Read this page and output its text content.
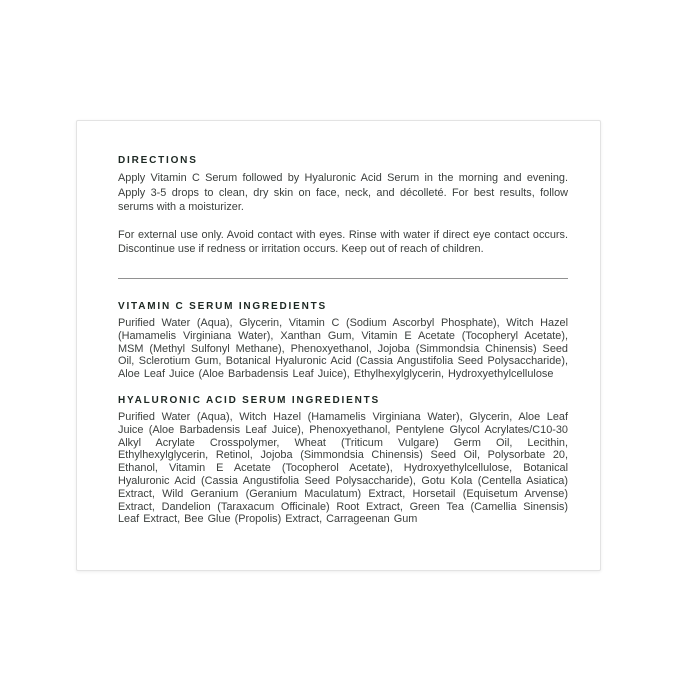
DIRECTIONS

Apply Vitamin C Serum followed by Hyaluronic Acid Serum in the morning and evening. Apply 3-5 drops to clean, dry skin on face, neck, and décolleté. For best results, follow serums with a moisturizer.

For external use only. Avoid contact with eyes. Rinse with water if direct eye contact occurs. Discontinue use if redness or irritation occurs. Keep out of reach of children.

VITAMIN C SERUM INGREDIENTS

Purified Water (Aqua), Glycerin, Vitamin C (Sodium Ascorbyl Phosphate), Witch Hazel (Hamamelis Virginiana Water), Xanthan Gum, Vitamin E Acetate (Tocopheryl Acetate), MSM (Methyl Sulfonyl Methane), Phenoxyethanol, Jojoba (Simmondsia Chinensis) Seed Oil, Sclerotium Gum, Botanical Hyaluronic Acid (Cassia Angustifolia Seed Polysaccharide), Aloe Leaf Juice (Aloe Barbadensis Leaf Juice), Ethylhexylglycerin, Hydroxyethylcellulose

HYALURONIC ACID SERUM INGREDIENTS

Purified Water (Aqua), Witch Hazel (Hamamelis Virginiana Water), Glycerin, Aloe Leaf Juice (Aloe Barbadensis Leaf Juice), Phenoxyethanol, Pentylene Glycol Acrylates/C10-30 Alkyl Acrylate Crosspolymer, Wheat (Triticum Vulgare) Germ Oil, Lecithin, Ethylhexylglycerin, Retinol, Jojoba (Simmondsia Chinensis) Seed Oil, Polysorbate 20, Ethanol, Vitamin E Acetate (Tocopherol Acetate), Hydroxyethylcellulose, Botanical Hyaluronic Acid (Cassia Angustifolia Seed Polysaccharide), Gotu Kola (Centella Asiatica) Extract, Wild Geranium (Geranium Maculatum) Extract, Horsetail (Equisetum Arvense) Extract, Dandelion (Taraxacum Officinale) Root Extract, Green Tea (Camellia Sinensis) Leaf Extract, Bee Glue (Propolis) Extract, Carrageenan Gum
